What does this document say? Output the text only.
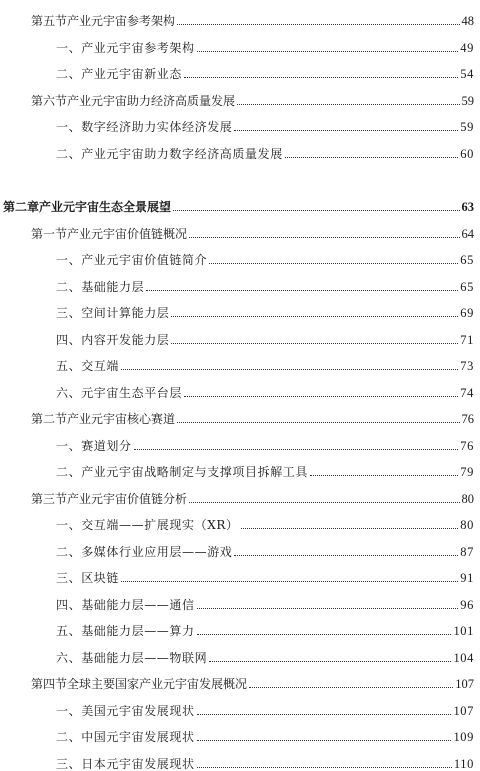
第五节产业元宇宙参考架构	48
一、产业元宇宙参考架构	49
二、产业元宇宙新业态	54
第六节产业元宇宙助力经济高质量发展	59
一、数字经济助力实体经济发展	59
二、产业元宇宙助力数字经济高质量发展	60
第二章产业元宇宙生态全景展望	63
第一节产业元宇宙价值链概况	64
一、产业元宇宙价值链简介	65
二、基础能力层	65
三、空间计算能力层	69
四、内容开发能力层	71
五、交互端	73
六、元宇宙生态平台层	74
第二节产业元宇宙核心赛道	76
一、赛道划分	76
二、产业元宇宙战略制定与支撑项目拆解工具	79
第三节产业元宇宙价值链分析	80
一、交互端——扩展现实（XR）	80
二、多媒体行业应用层——游戏	87
三、区块链	91
四、基础能力层——通信	96
五、基础能力层——算力	101
六、基础能力层——物联网	104
第四节全球主要国家产业元宇宙发展概况	107
一、美国元宇宙发展现状	107
二、中国元宇宙发展现状	109
三、日本元宇宙发展现状	110
